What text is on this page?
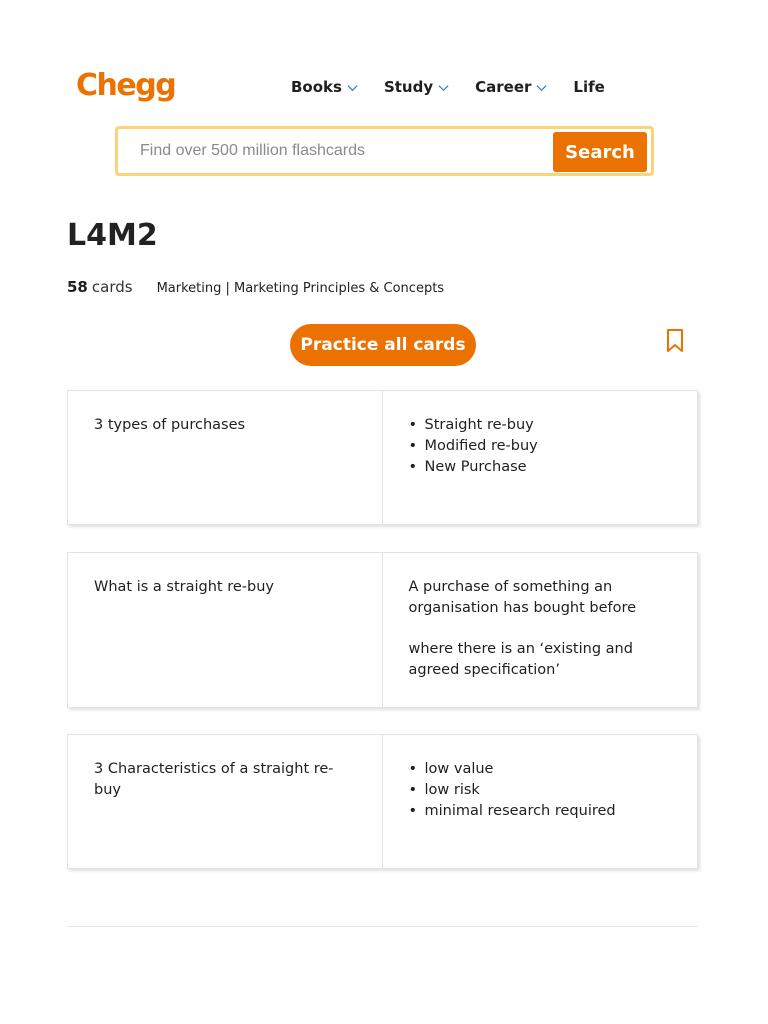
Chegg	Books	Study	Career	Life
Find over 500 million flashcards
Search
L4M2
58 cards Marketing | Marketing Principles & Concepts
Practice all cards
3 types of purchases
•	Straight re-buy
• Modified re-buy
• New Purchase
What is a straight re-buy	A purchase of something an organisation has bought before

where there is an ‘existing and agreed specification’

3 Characteristics of a straight re-buy
• low value
• low risk
• minimal research required
